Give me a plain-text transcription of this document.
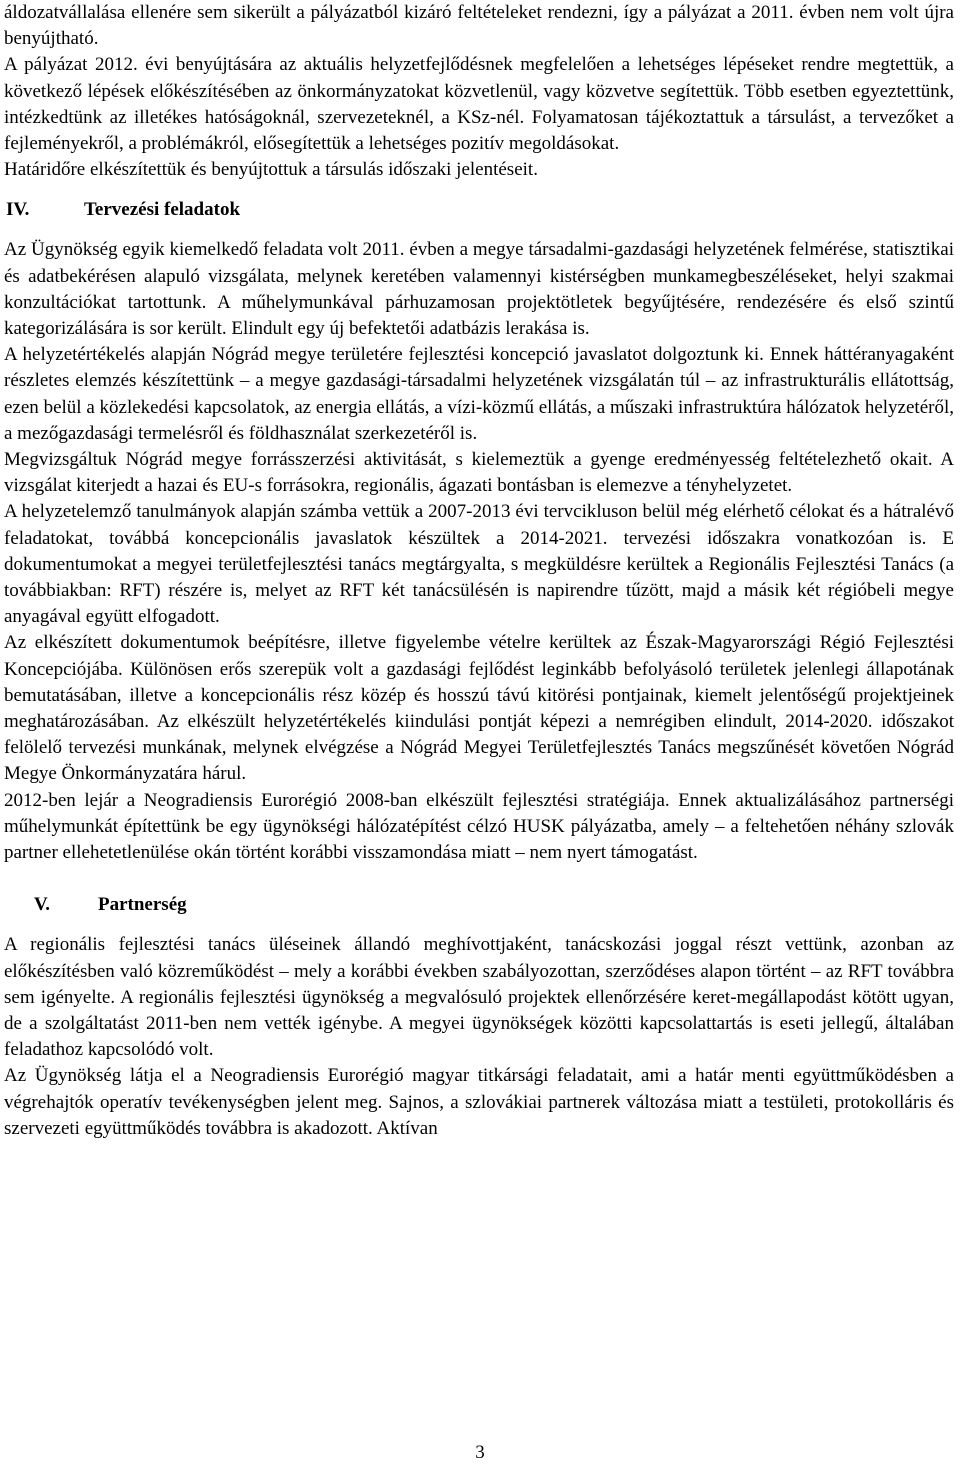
áldozatvállalása ellenére sem sikerült a pályázatból kizáró feltételeket rendezni, így a pályázat a 2011. évben nem volt újra benyújtható.

A pályázat 2012. évi benyújtására az aktuális helyzetfejlődésnek megfelelően a lehetséges lépéseket rendre megtettük, a következő lépések előkészítésében az önkormányzatokat közvetlenül, vagy közvetve segítettük. Több esetben egyeztettünk, intézkedtünk az illetékes hatóságoknál, szervezeteknél, a KSz-nél. Folyamatosan tájékoztattuk a társulást, a tervezőket a fejleményekről, a problémákról, elősegítettük a lehetséges pozitív megoldásokat.

Határidőre elkészítettük és benyújtottuk a társulás időszaki jelentéseit.

IV.	Tervezési feladatok

Az Ügynökség egyik kiemelkedő feladata volt 2011. évben a megye társadalmi-gazdasági helyzetének felmérése, statisztikai és adatbekérésen alapuló vizsgálata, melynek keretében valamennyi kistérségben munkamegbeszéléseket, helyi szakmai konzultációkat tartottunk. A műhelymunkával párhuzamosan projektötletek begyűjtésére, rendezésére és első szintű kategorizálására is sor került. Elindult egy új befektetői adatbázis lerakása is.

A helyzetértékelés alapján Nógrád megye területére fejlesztési koncepció javaslatot dolgoztunk ki. Ennek háttéranyagaként részletes elemzés készítettünk – a megye gazdasági-társadalmi helyzetének vizsgálatán túl – az infrastrukturális ellátottság, ezen belül a közlekedési kapcsolatok, az energia ellátás, a vízi-közmű ellátás, a műszaki infrastruktúra hálózatok helyzetéről, a mezőgazdasági termelésről és földhasználat szerkezetéről is.

Megvizsgáltuk Nógrád megye forrásszerzési aktivitását, s kielemeztük a gyenge eredményesség feltételezhető okait. A vizsgálat kiterjedt a hazai és EU-s forrásokra, regionális, ágazati bontásban is elemezve a tényhelyzetet.

A helyzetelemző tanulmányok alapján számba vettük a 2007-2013 évi tervcikluson belül még elérhető célokat és a hátralévő feladatokat, továbbá koncepcionális javaslatok készültek a 2014-2021. tervezési időszakra vonatkozóan is. E dokumentumokat a megyei területfejlesztési tanács megtárgyalta, s megküldésre kerültek a Regionális Fejlesztési Tanács (a továbbiakban: RFT) részére is, melyet az RFT két tanácsülésén is napirendre tűzött, majd a másik két régióbeli megye anyagával együtt elfogadott.

Az elkészített dokumentumok beépítésre, illetve figyelembe vételre kerültek az Észak-Magyarországi Régió Fejlesztési Koncepciójába. Különösen erős szerepük volt a gazdasági fejlődést leginkább befolyásoló területek jelenlegi állapotának bemutatásában, illetve a koncepcionális rész közép és hosszú távú kitörési pontjainak, kiemelt jelentőségű projektjeinek meghatározásában. Az elkészült helyzetértékelés kiindulási pontját képezi a nemrégiben elindult, 2014-2020. időszakot felölelő tervezési munkának, melynek elvégzése a Nógrád Megyei Területfejlesztés Tanács megszűnését követően Nógrád Megye Önkormányzatára hárul.

2012-ben lejár a Neogradiensis Eurorégió 2008-ban elkészült fejlesztési stratégiája. Ennek aktualizálásához partnerségi műhelymunkát építettünk be egy ügynökségi hálózatépítést célzó HUSK pályázatba, amely – a feltehetően néhány szlovák partner ellehetetlenülése okán történt korábbi visszamondása miatt – nem nyert támogatást.

V.	Partnerség

A regionális fejlesztési tanács üléseinek állandó meghívottjaként, tanácskozási joggal részt vettünk, azonban az előkészítésben való közreműködést – mely a korábbi években szabályozottan, szerződéses alapon történt – az RFT továbbra sem igényelte. A regionális fejlesztési ügynökség a megvalósuló projektek ellenőrzésére keret-megállapodást kötött ugyan, de a szolgáltatást 2011-ben nem vették igénybe. A megyei ügynökségek közötti kapcsolattartás is eseti jellegű, általában feladathoz kapcsolódó volt.

Az Ügynökség látja el a Neogradiensis Eurorégió magyar titkársági feladatait, ami a határ menti együttműködésben a végrehajtók operatív tevékenységben jelent meg. Sajnos, a szlovákiai partnerek változása miatt a testületi, protokolláris és szervezeti együttműködés továbbra is akadozott. Aktívan

3
